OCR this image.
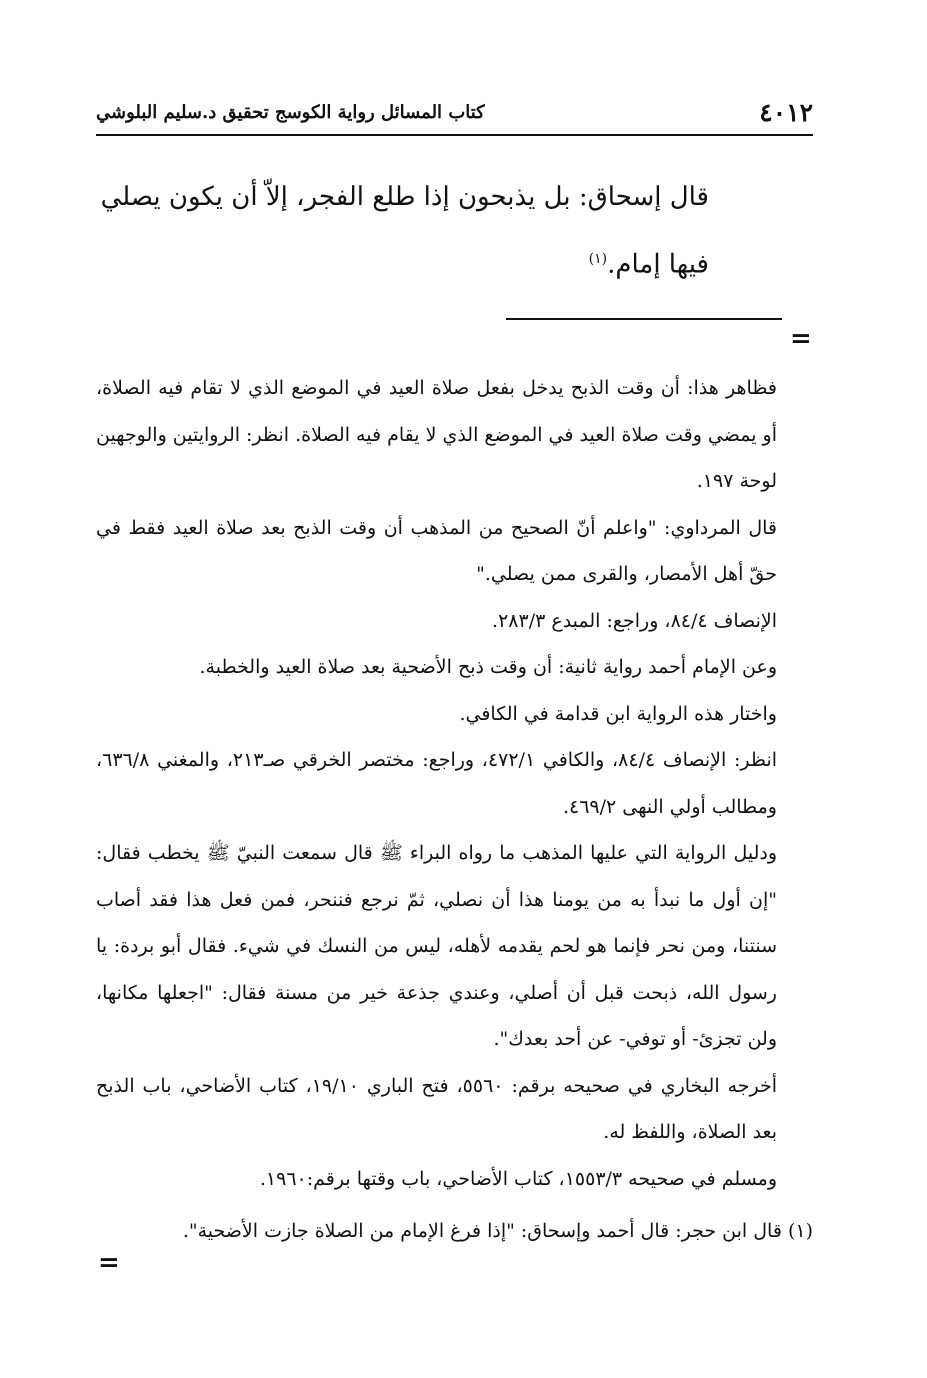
٤٠١٢
كتاب المسائل رواية الكوسج تحقيق د.سليم البلوشي
قال إسحاق: بل يذبحون إذا طلع الفجر، إلاّ أن يكون يصلي
فيها إمام.$^{(١)}$
=

فظاهر هذا: أن وقت الذبح يدخل بفعل صلاة العيد في الموضع الذي لا تقام فيه الصلاة، أو يمضي وقت صلاة العيد في الموضع الذي لا يقام فيه الصلاة. انظر: الروايتين والوجهين لوحة ١٩٧.

قال المرداوي: "واعلم أنّ الصحيح من المذهب أن وقت الذبح بعد صلاة العيد فقط في حقّ أهل الأمصار، والقرى ممن يصلي."

الإنصاف ٨٤/٤، وراجع: المبدع ٢٨٣/٣.

وعن الإمام أحمد رواية ثانية: أن وقت ذبح الأضحية بعد صلاة العيد والخطبة.

واختار هذه الرواية ابن قدامة في الكافي.

انظر: الإنصاف ٨٤/٤، والكافي ٤٧٢/١، وراجع: مختصر الخرقي صـ٢١٣، والمغني ٦٣٦/٨، ومطالب أولي النهى ٤٦٩/٢.

ودليل الرواية التي عليها المذهب ما رواه البراء ﷺ قال سمعت النبيّ ﷺ يخطب فقال: "إن أول ما نبدأ به من يومنا هذا أن نصلي، ثمّ نرجع فننحر، فمن فعل هذا فقد أصاب سنتنا، ومن نحر فإنما هو لحم يقدمه لأهله، ليس من النسك في شيء. فقال أبو بردة: يا رسول الله، ذبحت قبل أن أصلي، وعندي جذعة خير من مسنة فقال: "اجعلها مكانها، ولن تجزئ- أو توفي- عن أحد بعدك".

أخرجه البخاري في صحيحه برقم: ٥٥٦٠، فتح الباري ١٩/١٠، كتاب الأضاحي، باب الذبح بعد الصلاة، واللفظ له.

ومسلم في صحيحه ١٥٥٣/٣، كتاب الأضاحي، باب وقتها برقم:١٩٦٠.

(١) قال ابن حجر: قال أحمد وإسحاق: "إذا فرغ الإمام من الصلاة جازت الأضحية".
=
